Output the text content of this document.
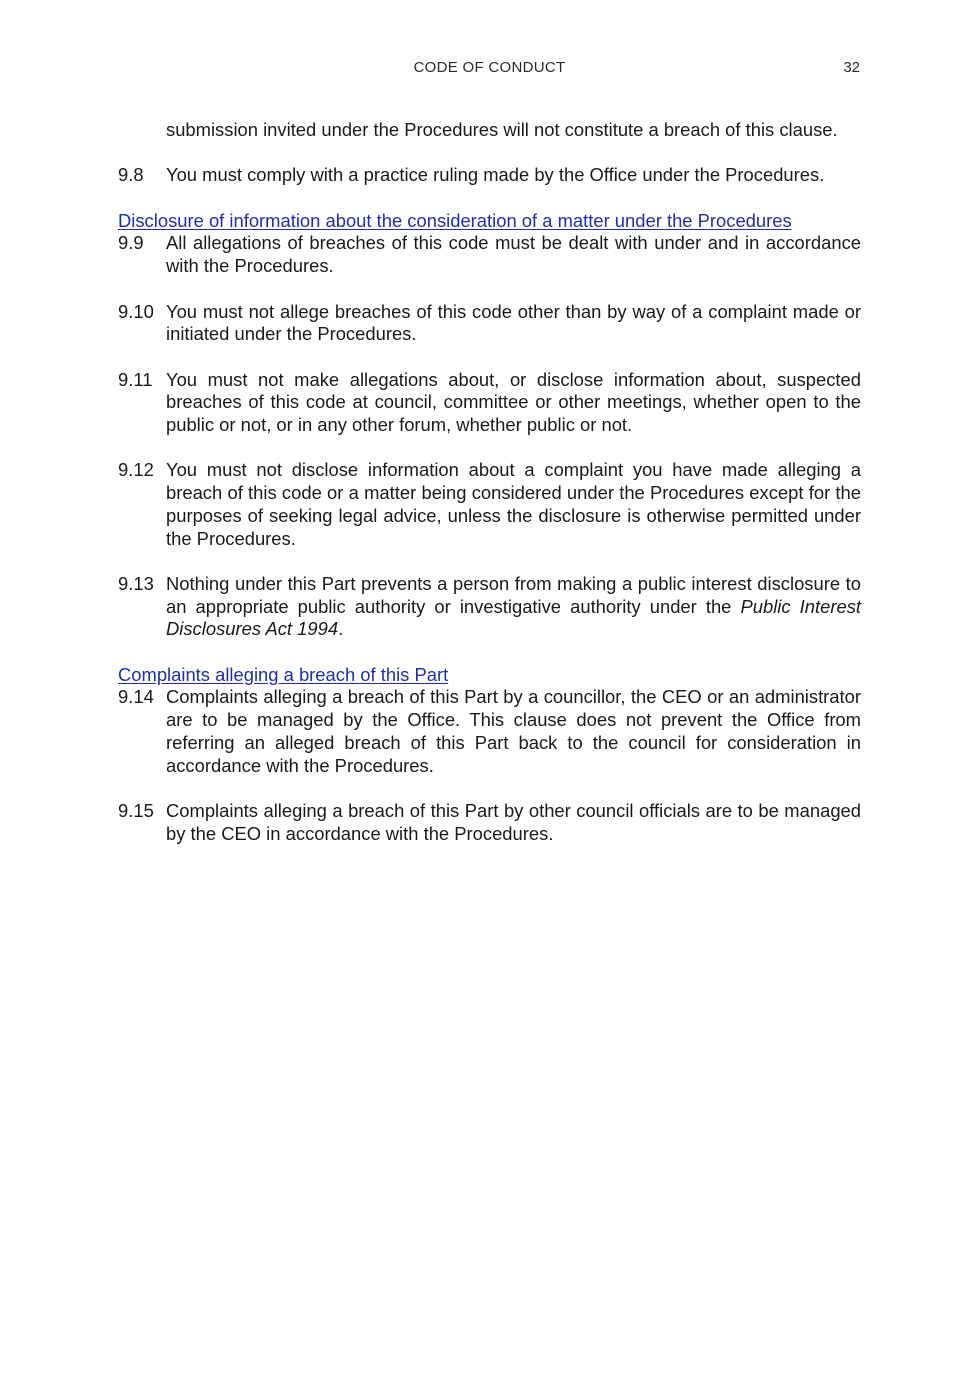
CODE OF CONDUCT	32
submission invited under the Procedures will not constitute a breach of this clause.
9.8	You must comply with a practice ruling made by the Office under the Procedures.
Disclosure of information about the consideration of a matter under the Procedures
9.9	All allegations of breaches of this code must be dealt with under and in accordance with the Procedures.
9.10 You must not allege breaches of this code other than by way of a complaint made or initiated under the Procedures.
9.11 You must not make allegations about, or disclose information about, suspected breaches of this code at council, committee or other meetings, whether open to the public or not, or in any other forum, whether public or not.
9.12 You must not disclose information about a complaint you have made alleging a breach of this code or a matter being considered under the Procedures except for the purposes of seeking legal advice, unless the disclosure is otherwise permitted under the Procedures.
9.13 Nothing under this Part prevents a person from making a public interest disclosure to an appropriate public authority or investigative authority under the Public Interest Disclosures Act 1994.
Complaints alleging a breach of this Part
9.14 Complaints alleging a breach of this Part by a councillor, the CEO or an administrator are to be managed by the Office. This clause does not prevent the Office from referring an alleged breach of this Part back to the council for consideration in accordance with the Procedures.
9.15 Complaints alleging a breach of this Part by other council officials are to be managed by the CEO in accordance with the Procedures.
